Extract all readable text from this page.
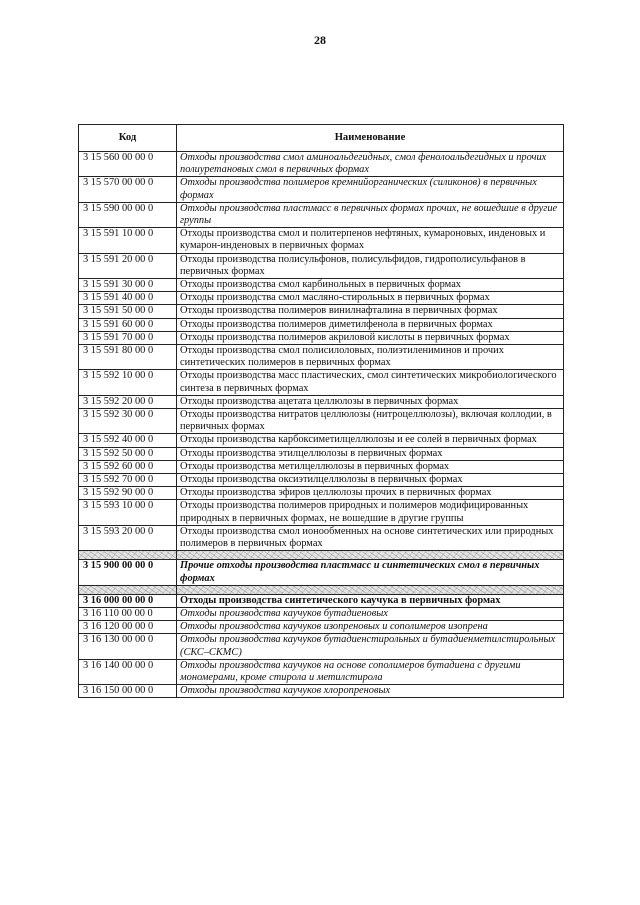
28
Код	Наименование
3 15 560 00 00 0	Отходы производства смол аминоальдегидных, смол фенолоальдегидных и прочих полиуретановых смол в первичных формах
3 15 570 00 00 0	Отходы производства полимеров кремнийорганических (силиконов) в первичных формах
3 15 590 00 00 0	Отходы производства пластмасс в первичных формах прочих, не вошедшие в другие группы
3 15 591 10 00 0	Отходы производства смол и политерпенов нефтяных, кумароновых, инденовых и кумарон-инденовых в первичных формах
3 15 591 20 00 0	Отходы производства полисульфонов, полисульфидов, гидрополисульфанов в первичных формах
3 15 591 30 00 0	Отходы производства смол карбинольных в первичных формах
3 15 591 40 00 0	Отходы производства смол масляно-стирольных в первичных формах
3 15 591 50 00 0	Отходы производства полимеров винилнафталина в первичных формах
3 15 591 60 00 0	Отходы производства полимеров диметилфенола в первичных формах
3 15 591 70 00 0	Отходы производства полимеров акриловой кислоты в первичных формах
3 15 591 80 00 0	Отходы производства смол полисилоловых, полиэтилениминов и прочих синтетических полимеров в первичных формах
3 15 592 10 00 0	Отходы производства масс пластических, смол синтетических микробиологического синтеза в первичных формах
3 15 592 20 00 0	Отходы производства ацетата целлюлозы в первичных формах
3 15 592 30 00 0	Отходы производства нитратов целлюлозы (нитроцеллюлозы), включая коллодии, в первичных формах
3 15 592 40 00 0	Отходы производства карбоксиметилцеллюлозы и ее солей в первичных формах
3 15 592 50 00 0	Отходы производства этилцеллюлозы в первичных формах
3 15 592 60 00 0	Отходы производства метилцеллюлозы в первичных формах
3 15 592 70 00 0	Отходы производства оксиэтилцеллюлозы в первичных формах
3 15 592 90 00 0	Отходы производства эфиров целлюлозы прочих в первичных формах
3 15 593 10 00 0	Отходы производства полимеров природных и полимеров модифицированных природных в первичных формах, не вошедшие в другие группы
3 15 593 20 00 0	Отходы производства смол ионообменных на основе синтетических или природных полимеров в первичных формах

3 15 900 00 00 0	Прочие отходы производства пластмасс и синтетических смол в первичных формах

3 16 000 00 00 0	Отходы производства синтетического каучука в первичных формах
3 16 110 00 00 0	Отходы производства каучуков бутадиеновых
3 16 120 00 00 0	Отходы производства каучуков изопреновых и сополимеров изопрена
3 16 130 00 00 0	Отходы производства каучуков бутадиенстирольных и бутадиенметилстирольных (СКС–СКМС)
3 16 140 00 00 0	Отходы производства каучуков на основе сополимеров бутадиена с другими мономерами, кроме стирола и метилстирола
3 16 150 00 00 0	Отходы производства каучуков хлоропреновых
